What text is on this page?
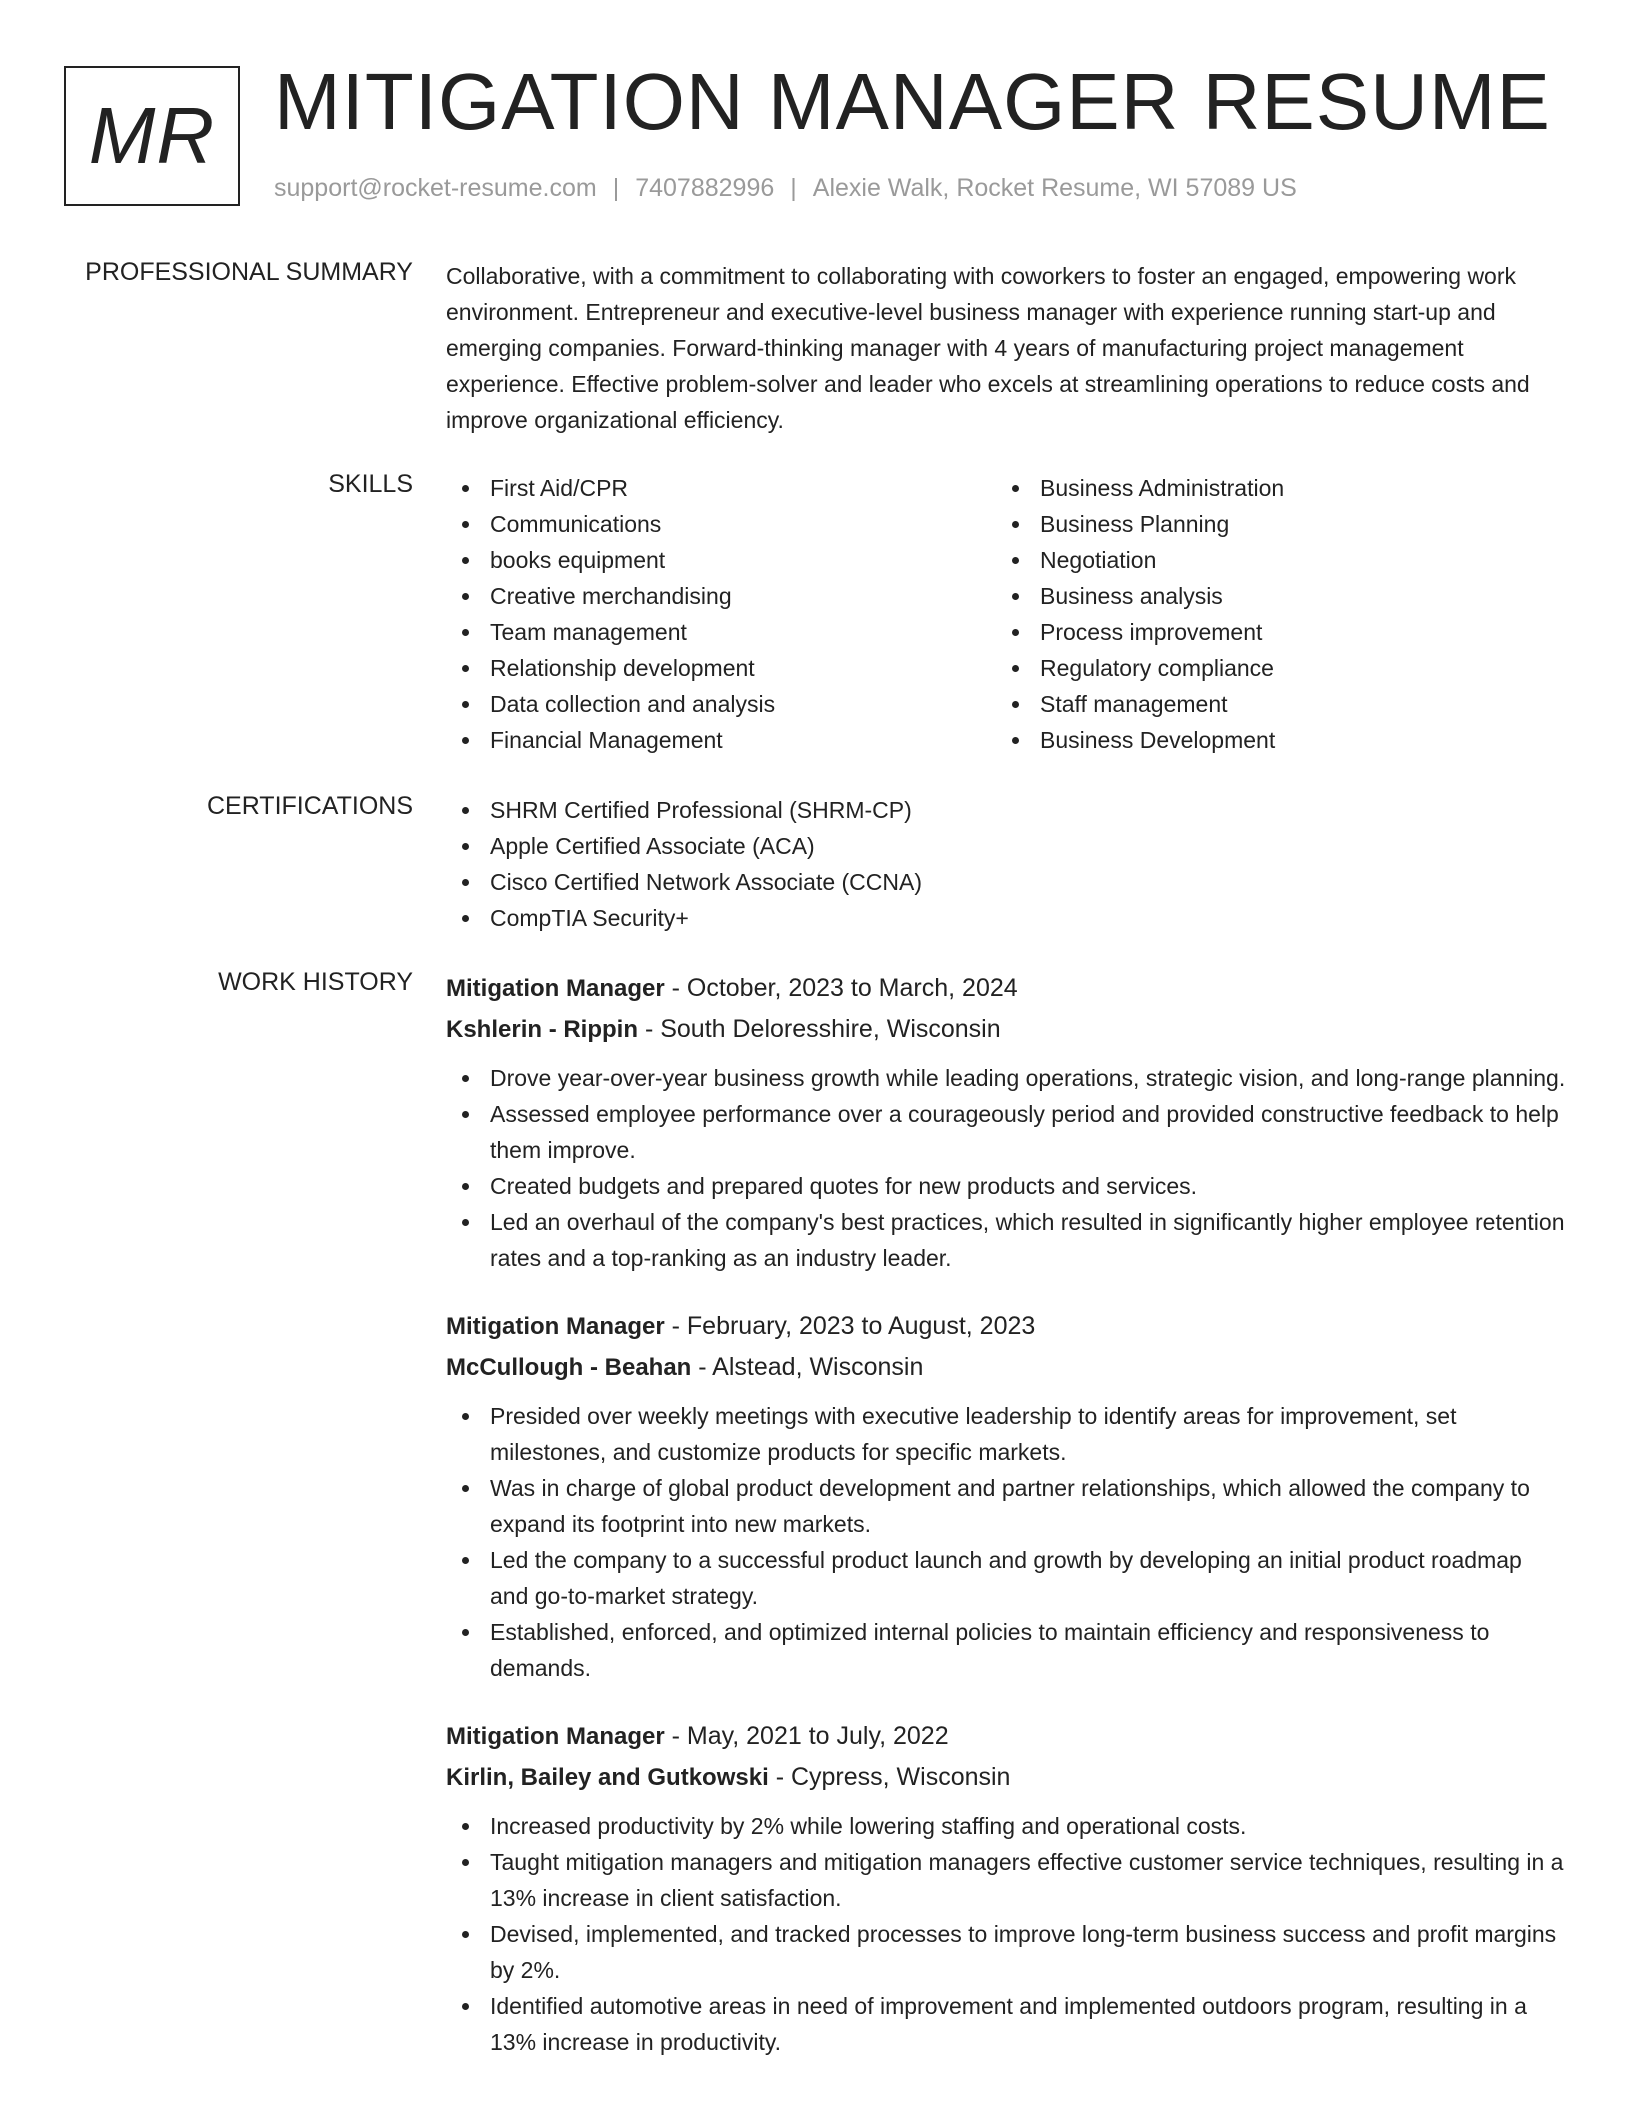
MR MITIGATION MANAGER RESUME
support@rocket-resume.com | 7407882996 | Alexie Walk, Rocket Resume, WI 57089 US
PROFESSIONAL SUMMARY Collaborative, with a commitment to collaborating with coworkers to foster an engaged, empowering work environment. Entrepreneur and executive-level business manager with experience running start-up and emerging companies. Forward-thinking manager with 4 years of manufacturing project management experience. Effective problem-solver and leader who excels at streamlining operations to reduce costs and improve organizational efficiency.

SKILLS	First Aid/CPR
Communications
books equipment
Creative merchandising
Team management
Relationship development
Data collection and analysis
Financial Management
Business Administration
Business Planning
Negotiation
Business analysis
Process improvement
Regulatory compliance
Staff management
Business Development
CERTIFICATIONS	SHRM Certified Professional (SHRM-CP)
Apple Certified Associate (ACA)
Cisco Certified Network Associate (CCNA)
CompTIA Security+
WORK HISTORY Mitigation Manager - October, 2023 to March, 2024
Kshlerin - Rippin - South Deloresshire, Wisconsin
Drove year-over-year business growth while leading operations, strategic vision, and long-range planning.
Assessed employee performance over a courageously period and provided constructive feedback to help them improve.
Created budgets and prepared quotes for new products and services.
Led an overhaul of the company's best practices, which resulted in significantly higher employee retention rates and a top-ranking as an industry leader.
Mitigation Manager - February, 2023 to August, 2023
McCullough - Beahan - Alstead, Wisconsin
Presided over weekly meetings with executive leadership to identify areas for improvement, set milestones, and customize products for specific markets.
Was in charge of global product development and partner relationships, which allowed the company to expand its footprint into new markets.
Led the company to a successful product launch and growth by developing an initial product roadmap and go-to-market strategy.
Established, enforced, and optimized internal policies to maintain efficiency and responsiveness to demands.
Mitigation Manager - May, 2021 to July, 2022
Kirlin, Bailey and Gutkowski - Cypress, Wisconsin
Increased productivity by 2% while lowering staffing and operational costs.
Taught mitigation managers and mitigation managers effective customer service techniques, resulting in a 13% increase in client satisfaction.
Devised, implemented, and tracked processes to improve long-term business success and profit margins by 2%.
Identified automotive areas in need of improvement and implemented outdoors program, resulting in a 13% increase in productivity.
